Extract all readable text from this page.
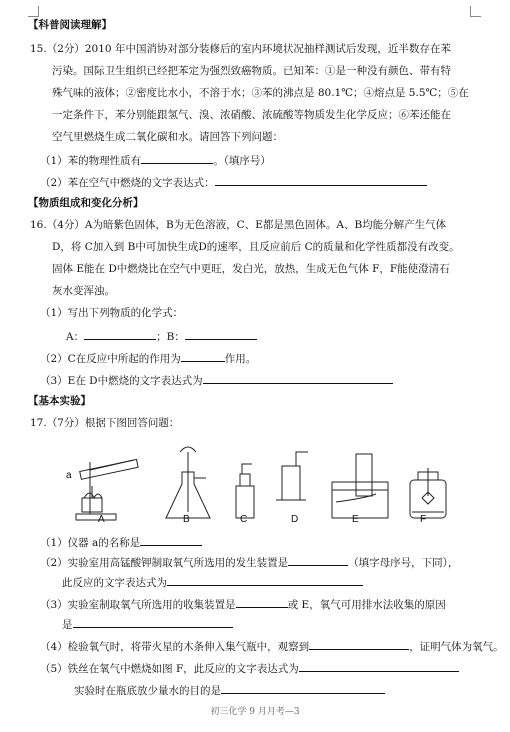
【科普阅读理解】
15.（2分）2010 年中国消协对部分装修后的室内环境状况抽样测试后发现，近半数存在苯
污染。国际卫生组织已经把苯定为强烈致癌物质。已知苯：①是一种没有颜色、带有特
殊气味的液体；②密度比水小，不溶于水；③苯的沸点是 80.1℃；④熔点是 5.5℃；⑤在
一定条件下，苯分别能跟氢气、溴、浓硝酸、浓硫酸等物质发生化学反应；⑥苯还能在
空气里燃烧生成二氧化碳和水。请回答下列问题：
（1）苯的物理性质有	。（填序号）
（2）苯在空气中燃烧的文字表达式：
【物质组成和变化分析】
16.（4分）A为暗紫色固体，B为无色溶液，C、E都是黑色固体。A、B均能分解产生气体
D，将 C加入到 B中可加快生成D的速率，且反应前后 C的质量和化学性质都没有改变。
固体 E能在 D中燃烧比在空气中更旺，发白光，放热，生成无色气体 F，F能使澄清石
灰水变浑浊。
（1）写出下列物质的化学式：
A：	；B：
（2）C在反应中所起的作用为	作用。
（3）E在 D中燃烧的文字表达式为
【基本实验】
17.（7分）根据下图回答问题：
a
A	B	C	D	E	F
（1）仪器 a的名称是
（2）实验室用高锰酸钾制取氧气所选用的发生装置是	（填字母序号，下同），
此反应的文字表达式为
（3）实验室制取氧气所选用的收集装置是	或 E，氧气可用排水法收集的原因
是
（4）检验氧气时，将带火星的木条伸入集气瓶中，观察到	，证明气体为氧气。
（5）铁丝在氧气中燃烧如图 F，此反应的文字表达式为
实验时在瓶底放少量水的目的是
初三化学 9 月月考—3
